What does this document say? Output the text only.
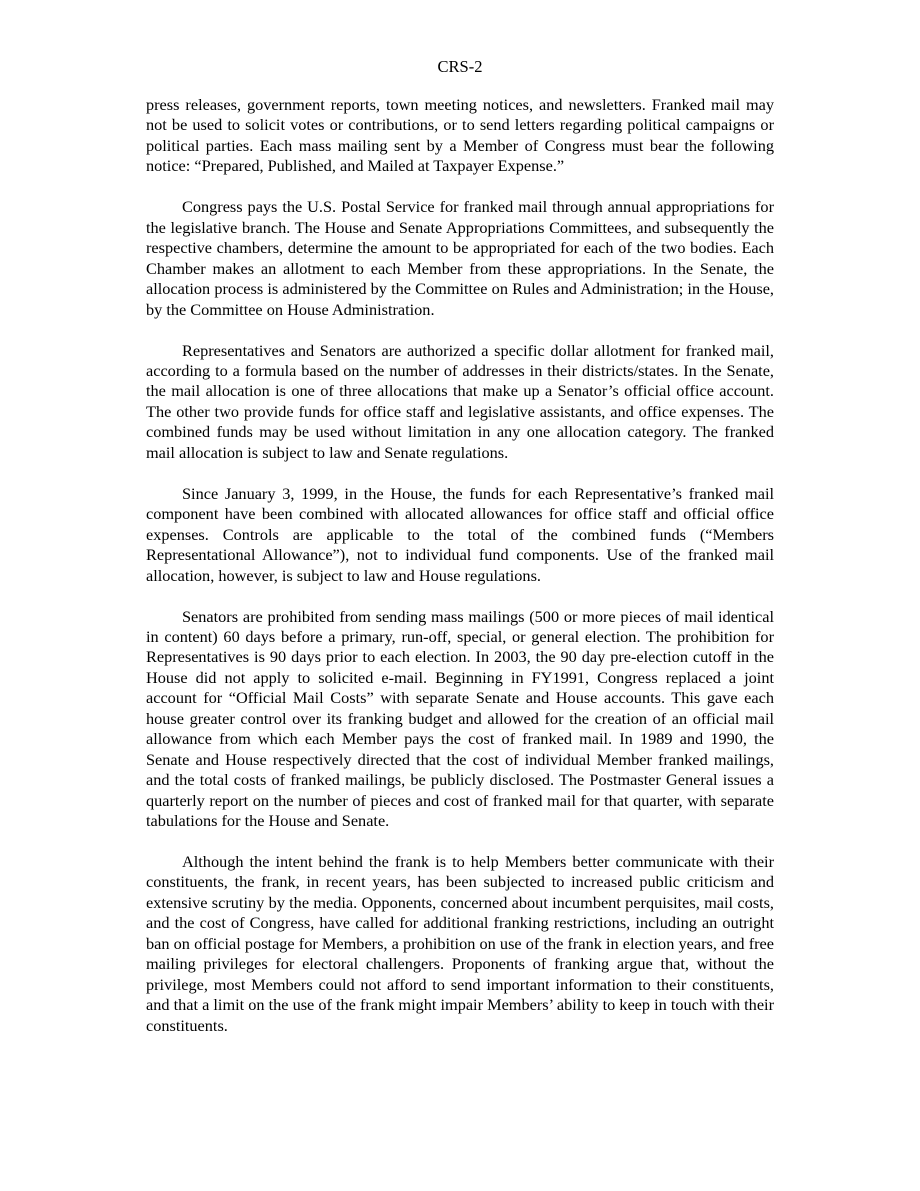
CRS-2

press releases, government reports, town meeting notices, and newsletters. Franked mail may not be used to solicit votes or contributions, or to send letters regarding political campaigns or political parties. Each mass mailing sent by a Member of Congress must bear the following notice: “Prepared, Published, and Mailed at Taxpayer Expense.”

Congress pays the U.S. Postal Service for franked mail through annual appropriations for the legislative branch. The House and Senate Appropriations Committees, and subsequently the respective chambers, determine the amount to be appropriated for each of the two bodies. Each Chamber makes an allotment to each Member from these appropriations. In the Senate, the allocation process is administered by the Committee on Rules and Administration; in the House, by the Committee on House Administration.

Representatives and Senators are authorized a specific dollar allotment for franked mail, according to a formula based on the number of addresses in their districts/states. In the Senate, the mail allocation is one of three allocations that make up a Senator’s official office account. The other two provide funds for office staff and legislative assistants, and office expenses. The combined funds may be used without limitation in any one allocation category. The franked mail allocation is subject to law and Senate regulations.

Since January 3, 1999, in the House, the funds for each Representative’s franked mail component have been combined with allocated allowances for office staff and official office expenses. Controls are applicable to the total of the combined funds (“Members Representational Allowance”), not to individual fund components. Use of the franked mail allocation, however, is subject to law and House regulations.

Senators are prohibited from sending mass mailings (500 or more pieces of mail identical in content) 60 days before a primary, run-off, special, or general election. The prohibition for Representatives is 90 days prior to each election. In 2003, the 90 day pre-election cutoff in the House did not apply to solicited e-mail. Beginning in FY1991, Congress replaced a joint account for “Official Mail Costs” with separate Senate and House accounts. This gave each house greater control over its franking budget and allowed for the creation of an official mail allowance from which each Member pays the cost of franked mail. In 1989 and 1990, the Senate and House respectively directed that the cost of individual Member franked mailings, and the total costs of franked mailings, be publicly disclosed. The Postmaster General issues a quarterly report on the number of pieces and cost of franked mail for that quarter, with separate tabulations for the House and Senate.

Although the intent behind the frank is to help Members better communicate with their constituents, the frank, in recent years, has been subjected to increased public criticism and extensive scrutiny by the media. Opponents, concerned about incumbent perquisites, mail costs, and the cost of Congress, have called for additional franking restrictions, including an outright ban on official postage for Members, a prohibition on use of the frank in election years, and free mailing privileges for electoral challengers. Proponents of franking argue that, without the privilege, most Members could not afford to send important information to their constituents, and that a limit on the use of the frank might impair Members’ ability to keep in touch with their constituents.
